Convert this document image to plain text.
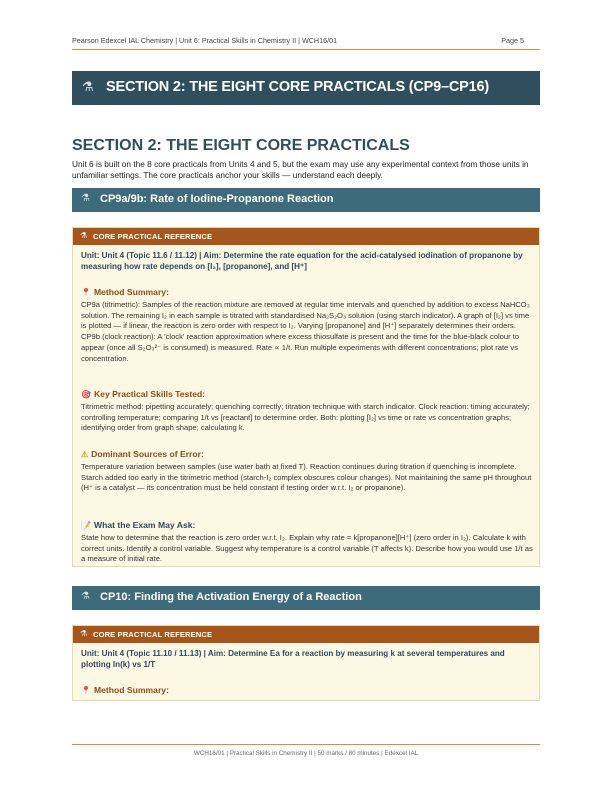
Pearson Edexcel IAL Chemistry | Unit 6: Practical Skills in Chemistry II | WCH16/01	Page 5
⚗ SECTION 2: THE EIGHT CORE PRACTICALS (CP9–CP16)
SECTION 2: THE EIGHT CORE PRACTICALS
Unit 6 is built on the 8 core practicals from Units 4 and 5, but the exam may use any experimental context from those units in unfamiliar settings. The core practicals anchor your skills — understand each deeply.
⚗ CP9a/9b: Rate of Iodine-Propanone Reaction
⚗ CORE PRACTICAL REFERENCE
Unit: Unit 4 (Topic 11.6 / 11.12) | Aim: Determine the rate equation for the acid-catalysed iodination of propanone by measuring how rate depends on [I₂], [propanone], and [H⁺]
📍 Method Summary:
CP9a (titrimetric): Samples of the reaction mixture are removed at regular time intervals and quenched by addition to excess NaHCO₃ solution. The remaining I₂ in each sample is titrated with standardised Na₂S₂O₃ solution (using starch indicator). A graph of [I₂] vs time is plotted — if linear, the reaction is zero order with respect to I₂. Varying [propanone] and [H⁺] separately determines their orders. CP9b (clock reaction): A 'clock' reaction approximation where excess thiosulfate is present and the time for the blue-black colour to appear (once all S₂O₃²⁻ is consumed) is measured. Rate ∝ 1/t. Run multiple experiments with different concentrations; plot rate vs concentration.
🎯 Key Practical Skills Tested:
Titrimetric method: pipetting accurately; quenching correctly; titration technique with starch indicator. Clock reaction: timing accurately; controlling temperature; comparing 1/t vs [reactant] to determine order. Both: plotting [I₂] vs time or rate vs concentration graphs; identifying order from graph shape; calculating k.
⚠ Dominant Sources of Error:
Temperature variation between samples (use water bath at fixed T). Reaction continues during titration if quenching is incomplete. Starch added too early in the titrimetric method (starch-I₂ complex obscures colour changes). Not maintaining the same pH throughout (H⁺ is a catalyst — its concentration must be held constant if testing order w.r.t. I₂ or propanone).
📝 What the Exam May Ask:
State how to determine that the reaction is zero order w.r.t. I₂. Explain why rate = k[propanone][H⁺] (zero order in I₂). Calculate k with correct units. Identify a control variable. Suggest why temperature is a control variable (T affects k). Describe how you would use 1/t as a measure of initial rate.
⚗ CP10: Finding the Activation Energy of a Reaction
⚗ CORE PRACTICAL REFERENCE
Unit: Unit 4 (Topic 11.10 / 11.13) | Aim: Determine Ea for a reaction by measuring k at several temperatures and plotting ln(k) vs 1/T
📍 Method Summary:
WCH16/01 | Practical Skills in Chemistry II | 50 marks / 80 minutes | Edexcel IAL
